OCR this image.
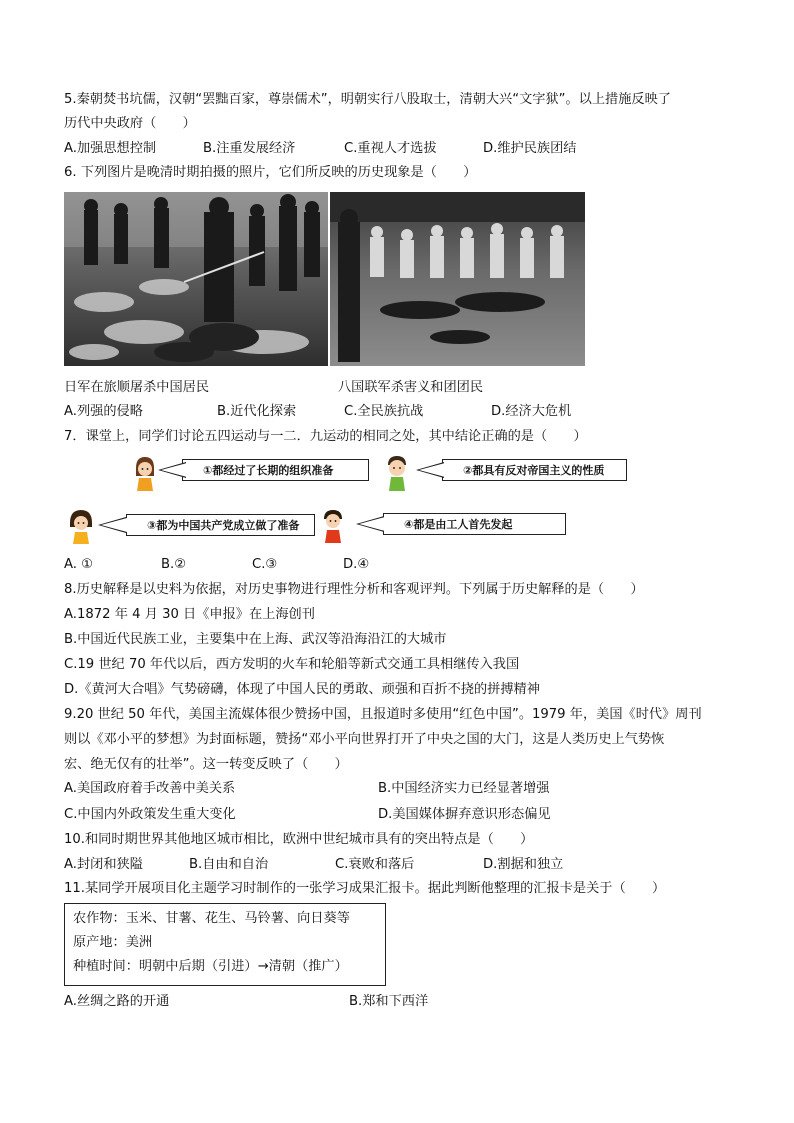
5.秦朝焚书坑儒，汉朝“罢黜百家，尊崇儒术”，明朝实行八股取士，清朝大兴“文字狱”。以上措施反映了
历代中央政府（　　）
A.加强思想控制	B.注重发展经济	C.重视人才选拔	D.维护民族团结
6. 下列图片是晚清时期拍摄的照片，它们所反映的历史现象是（　　）
日军在旅顺屠杀中国居民	八国联军杀害义和团团民
A.列强的侵略	B.近代化探索	C.全民族抗战	D.经济大危机
7．课堂上，同学们讨论五四运动与一二．九运动的相同之处，其中结论正确的是（　　）
①都经过了长期的组织准备	②都具有反对帝国主义的性质
③都为中国共产党成立做了准备	④都是由工人首先发起
A. ①	B.②	C.③	D.④
8.历史解释是以史料为依据，对历史事物进行理性分析和客观评判。下列属于历史解释的是（　　）
A.1872 年 4 月 30 日《申报》在上海创刊
B.中国近代民族工业，主要集中在上海、武汉等沿海沿江的大城市
C.19 世纪 70 年代以后，西方发明的火车和轮船等新式交通工具相继传入我国
D.《黄河大合唱》气势磅礴，体现了中国人民的勇敢、顽强和百折不挠的拼搏精神
9.20 世纪 50 年代，美国主流媒体很少赞扬中国，且报道时多使用“红色中国”。1979 年，美国《时代》周刊
则以《邓小平的梦想》为封面标题，赞扬“邓小平向世界打开了中央之国的大门，这是人类历史上气势恢
宏、绝无仅有的壮举”。这一转变反映了（　　）
A.美国政府着手改善中美关系	B.中国经济实力已经显著增强
C.中国内外政策发生重大变化	D.美国媒体摒弃意识形态偏见
10.和同时期世界其他地区城市相比，欧洲中世纪城市具有的突出特点是（　　）
A.封闭和狭隘	B.自由和自治	C.衰败和落后	D.割据和独立
11.某同学开展项目化主题学习时制作的一张学习成果汇报卡。据此判断他整理的汇报卡是关于（　　）
农作物：玉米、甘薯、花生、马铃薯、向日葵等
原产地：美洲
种植时间：明朝中后期（引进）→清朝（推广）
A.丝绸之路的开通	B.郑和下西洋
